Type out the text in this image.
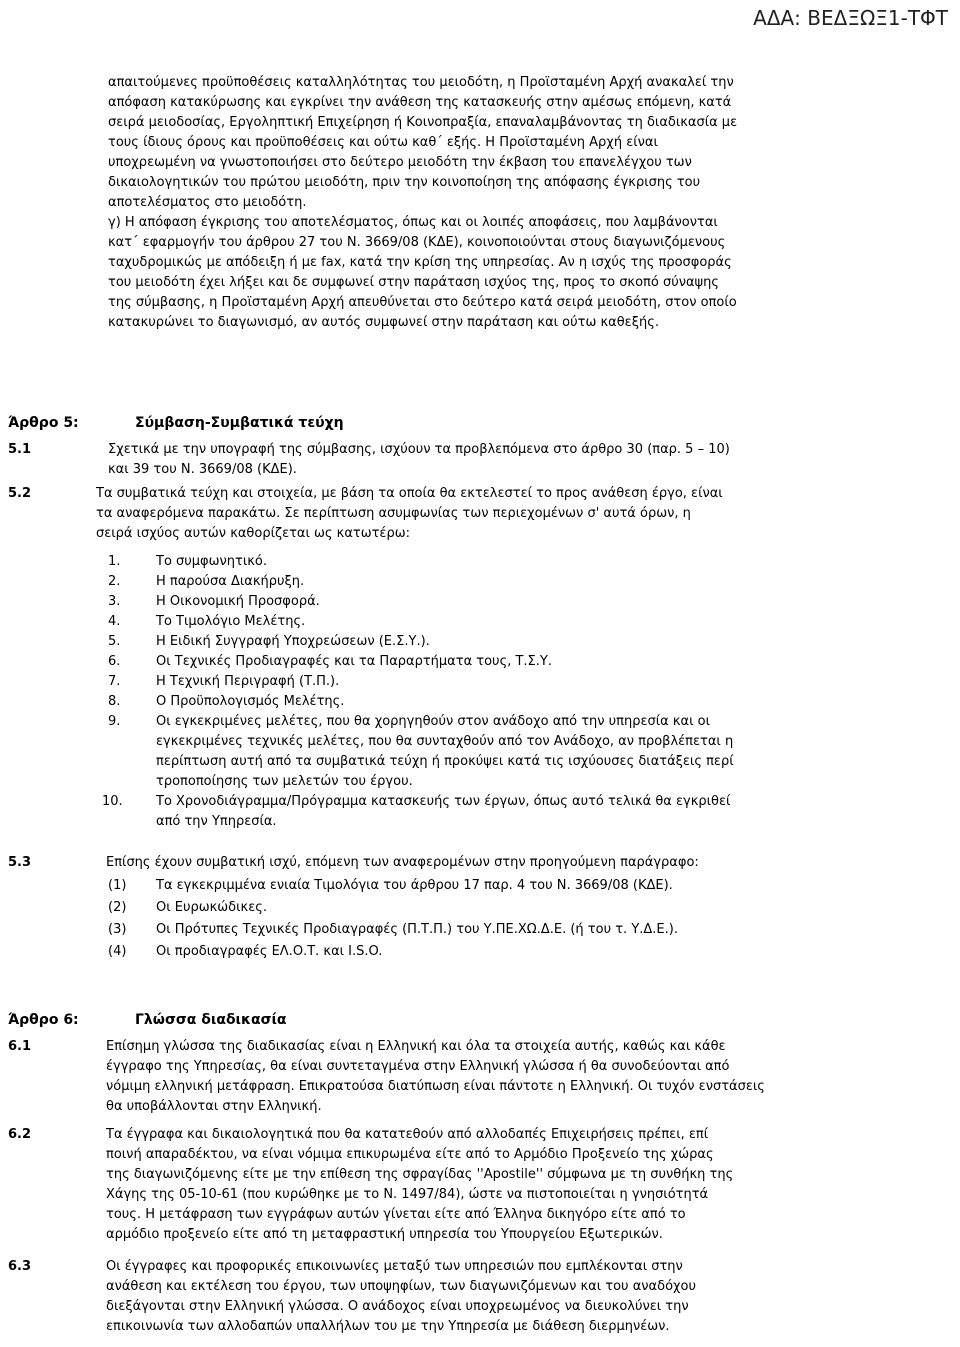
ΑΔΑ: ΒΕΔΞΩΞ1-ΤΦΤ
απαιτούμενες προϋποθέσεις καταλληλότητας του μειοδότη, η Προϊσταμένη Αρχή ανακαλεί την
απόφαση κατακύρωσης και εγκρίνει την ανάθεση της κατασκευής στην αμέσως επόμενη, κατά
σειρά μειοδοσίας, Εργοληπτική Επιχείρηση ή Κοινοπραξία, επαναλαμβάνοντας τη διαδικασία με
τους ίδιους όρους και προϋποθέσεις και ούτω καθ΄ εξής. Η Προϊσταμένη Αρχή είναι
υποχρεωμένη να γνωστοποιήσει στο δεύτερο μειοδότη την έκβαση του επανελέγχου των
δικαιολογητικών του πρώτου μειοδότη, πριν την κοινοποίηση της απόφασης έγκρισης του
αποτελέσματος στο μειοδότη.
γ) Η απόφαση έγκρισης του αποτελέσματος, όπως και οι λοιπές αποφάσεις, που λαμβάνονται
κατ΄ εφαρμογήν του άρθρου 27 του Ν. 3669/08 (ΚΔΕ), κοινοποιούνται στους διαγωνιζόμενους
ταχυδρομικώς με απόδειξη ή με fax, κατά την κρίση της υπηρεσίας. Αν η ισχύς της προσφοράς
του μειοδότη έχει λήξει και δε συμφωνεί στην παράταση ισχύος της, προς το σκοπό σύναψης
της σύμβασης, η Προϊσταμένη Αρχή απευθύνεται στο δεύτερο κατά σειρά μειοδότη, στον οποίο
κατακυρώνει το διαγωνισμό, αν αυτός συμφωνεί στην παράταση και ούτω καθεξής.
Άρθρο 5:	Σύμβαση-Συμβατικά τεύχη
5.1	Σχετικά με την υπογραφή της σύμβασης, ισχύουν τα προβλεπόμενα στο άρθρο 30 (παρ. 5 – 10)
και 39 του Ν. 3669/08 (ΚΔΕ).
5.2	Τα συμβατικά τεύχη και στοιχεία, με βάση τα οποία θα εκτελεστεί το προς ανάθεση έργο, είναι
τα αναφερόμενα παρακάτω. Σε περίπτωση ασυμφωνίας των περιεχομένων σ' αυτά όρων, η
σειρά ισχύος αυτών καθορίζεται ως κατωτέρω:
1.	Το συμφωνητικό.
2.	Η παρούσα Διακήρυξη.
3.	Η Οικονομική Προσφορά.
4.	Το Τιμολόγιο Μελέτης.
5.	Η Ειδική Συγγραφή Υποχρεώσεων (Ε.Σ.Υ.).
6.	Οι Τεχνικές Προδιαγραφές και τα Παραρτήματα τους, Τ.Σ.Υ.
7.	Η Τεχνική Περιγραφή (Τ.Π.).
8.	Ο Προϋπολογισμός Μελέτης.
9.	Οι εγκεκριμένες μελέτες, που θα χορηγηθούν στον ανάδοχο από την υπηρεσία και οι
εγκεκριμένες τεχνικές μελέτες, που θα συνταχθούν από τον Ανάδοχο, αν προβλέπεται η
περίπτωση αυτή από τα συμβατικά τεύχη ή προκύψει κατά τις ισχύουσες διατάξεις περί
τροποποίησης των μελετών του έργου.
10.	Το Χρονοδιάγραμμα/Πρόγραμμα κατασκευής των έργων, όπως αυτό τελικά θα εγκριθεί
από την Υπηρεσία.
5.3	Επίσης έχουν συμβατική ισχύ, επόμενη των αναφερομένων στην προηγούμενη παράγραφο:
(1)	Τα εγκεκριμμένα ενιαία Τιμολόγια του άρθρου 17 παρ. 4 του Ν. 3669/08 (ΚΔΕ).
(2)	Οι Ευρωκώδικες.
(3)	Οι Πρότυπες Τεχνικές Προδιαγραφές (Π.Τ.Π.) του Υ.ΠΕ.ΧΩ.Δ.Ε. (ή του τ. Υ.Δ.Ε.).
(4)	Οι προδιαγραφές ΕΛ.Ο.Τ. και I.S.O.
Άρθρο 6:	Γλώσσα διαδικασία
6.1	Επίσημη γλώσσα της διαδικασίας είναι η Ελληνική και όλα τα στοιχεία αυτής, καθώς και κάθε
έγγραφο της Υπηρεσίας, θα είναι συντεταγμένα στην Ελληνική γλώσσα ή θα συνοδεύονται από
νόμιμη ελληνική μετάφραση. Επικρατούσα διατύπωση είναι πάντοτε η Ελληνική. Οι τυχόν ενστάσεις
θα υποβάλλονται στην Ελληνική.
6.2	Τα έγγραφα και δικαιολογητικά που θα κατατεθούν από αλλοδαπές Επιχειρήσεις πρέπει, επί
ποινή απαραδέκτου, να είναι νόμιμα επικυρωμένα είτε από το Αρμόδιο Προξενείο της χώρας
της διαγωνιζόμενης είτε με την επίθεση της σφραγίδας ''Apostile'' σύμφωνα με τη συνθήκη της
Χάγης της 05-10-61 (που κυρώθηκε με το Ν. 1497/84), ώστε να πιστοποιείται η γνησιότητά
τους. Η μετάφραση των εγγράφων αυτών γίνεται είτε από Έλληνα δικηγόρο είτε από το
αρμόδιο προξενείο είτε από τη μεταφραστική υπηρεσία του Υπουργείου Εξωτερικών.
6.3	Οι έγγραφες και προφορικές επικοινωνίες μεταξύ των υπηρεσιών που εμπλέκονται στην
ανάθεση και εκτέλεση του έργου, των υποψηφίων, των διαγωνιζόμενων και του αναδόχου
διεξάγονται στην Ελληνική γλώσσα. Ο ανάδοχος είναι υποχρεωμένος να διευκολύνει την
επικοινωνία των αλλοδαπών υπαλλήλων του με την Υπηρεσία με διάθεση διερμηνέων.
